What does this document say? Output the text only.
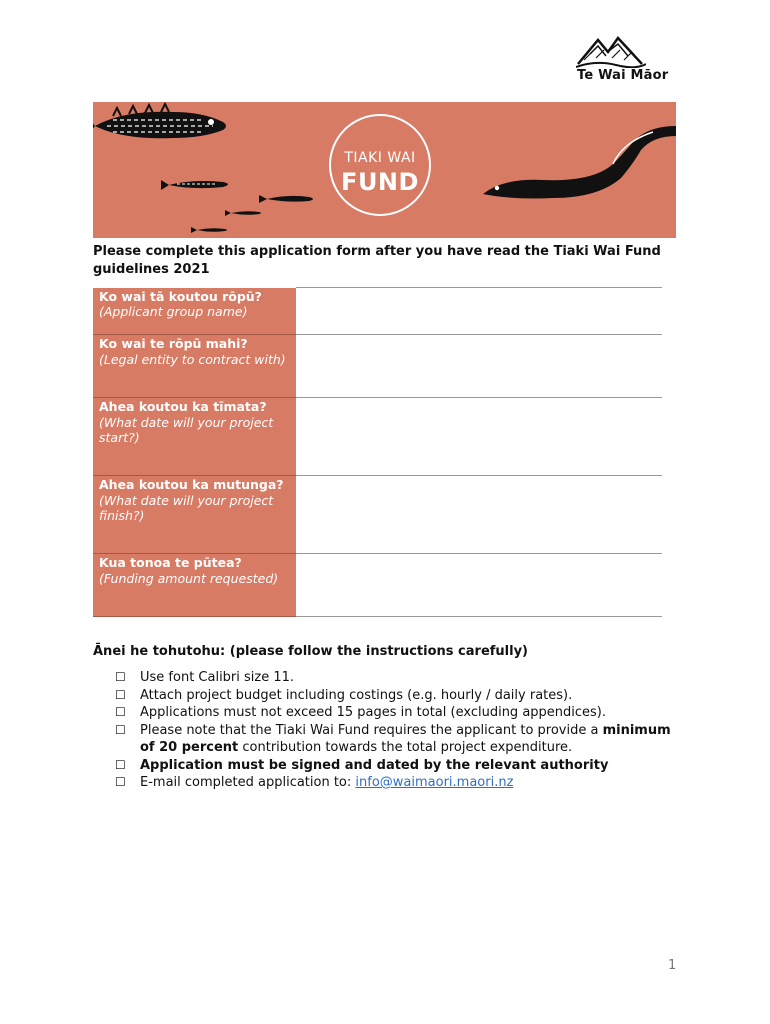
Te Wai Māor
TIAKI WAI
FUND
Please complete this application form after you have read the Tiaki Wai Fund guidelines 2021
Ko wai tā koutou rōpū?
(Applicant group name)	

Ko wai te rōpū mahi?
(Legal entity to contract with)	

Ahea koutou ka tīmata?
(What date will your project start?)	

Ahea koutou ka mutunga?
(What date will your project finish?)	

Kua tonoa te pūtea?
(Funding amount requested)	

Ānei he tohutohu: (please follow the instructions carefully)
☐ Use font Calibri size 11.
☐ Attach project budget including costings (e.g. hourly / daily rates).
☐ Applications must not exceed 15 pages in total (excluding appendices).
☐ Please note that the Tiaki Wai Fund requires the applicant to provide a minimum of 20 percent contribution towards the total project expenditure.
☐ Application must be signed and dated by the relevant authority
☐ E-mail completed application to: info@waimaori.maori.nz
1
